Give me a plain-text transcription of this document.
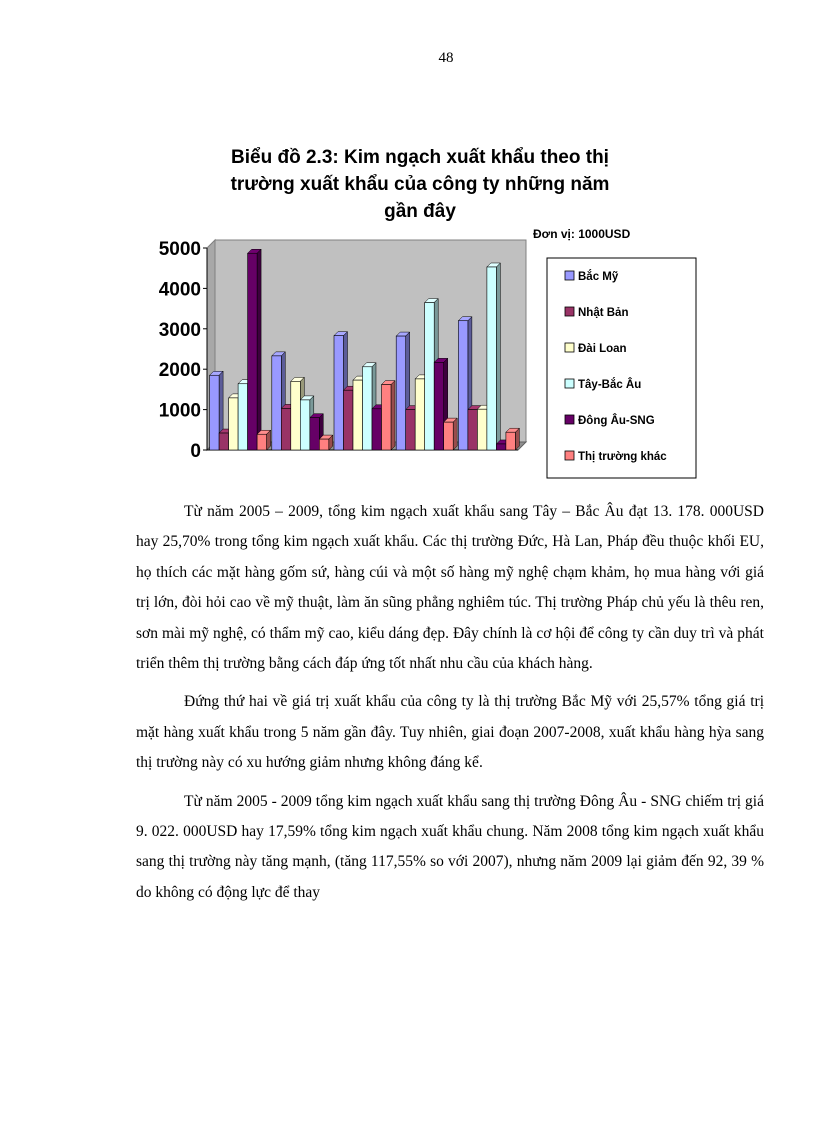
48
Biểu đồ 2.3: Kim ngạch xuất khẩu theo thị
trường xuất khẩu của công ty những năm
gần đây
Đơn vị: 1000USD
5000
4000
3000
2000
1000
0
Bắc Mỹ
Nhật Bản
Đài Loan
Tây-Bắc Âu
Đông Âu-SNG
Thị trường khác

Từ năm 2005 – 2009, tổng kim ngạch xuất khẩu sang Tây – Bắc Âu đạt 13. 178. 000USD hay 25,70% trong tổng kim ngạch xuất khẩu. Các thị trường Đức, Hà Lan, Pháp đều thuộc khối EU, họ thích các mặt hàng gốm sứ, hàng cúi và một số hàng mỹ nghệ chạm khảm, họ mua hàng với giá trị lớn, đòi hỏi cao về mỹ thuật, làm ăn sũng phẳng nghiêm túc. Thị trường Pháp chủ yếu là thêu ren, sơn mài mỹ nghệ, có thẩm mỹ cao, kiểu dáng đẹp. Đây chính là cơ hội để công ty cần duy trì và phát triển thêm thị trường bằng cách đáp ứng tốt nhất nhu cầu của khách hàng.

Đứng thứ hai về giá trị xuất khẩu của công ty là thị trường Bắc Mỹ với 25,57% tổng giá trị mặt hàng xuất khẩu trong 5 năm gần đây. Tuy nhiên, giai đoạn 2007-2008, xuất khẩu hàng hỳa sang thị trường này có xu hướng giảm nhưng không đáng kể.

Từ năm 2005 - 2009 tổng kim ngạch xuất khẩu sang thị trường Đông Âu - SNG chiếm trị giá 9. 022. 000USD hay 17,59% tổng kim ngạch xuất khẩu chung. Năm 2008 tổng kim ngạch xuất khẩu sang thị trường này tăng mạnh, (tăng 117,55% so với 2007), nhưng năm 2009 lại giảm đến 92, 39 % do không có động lực để thay
